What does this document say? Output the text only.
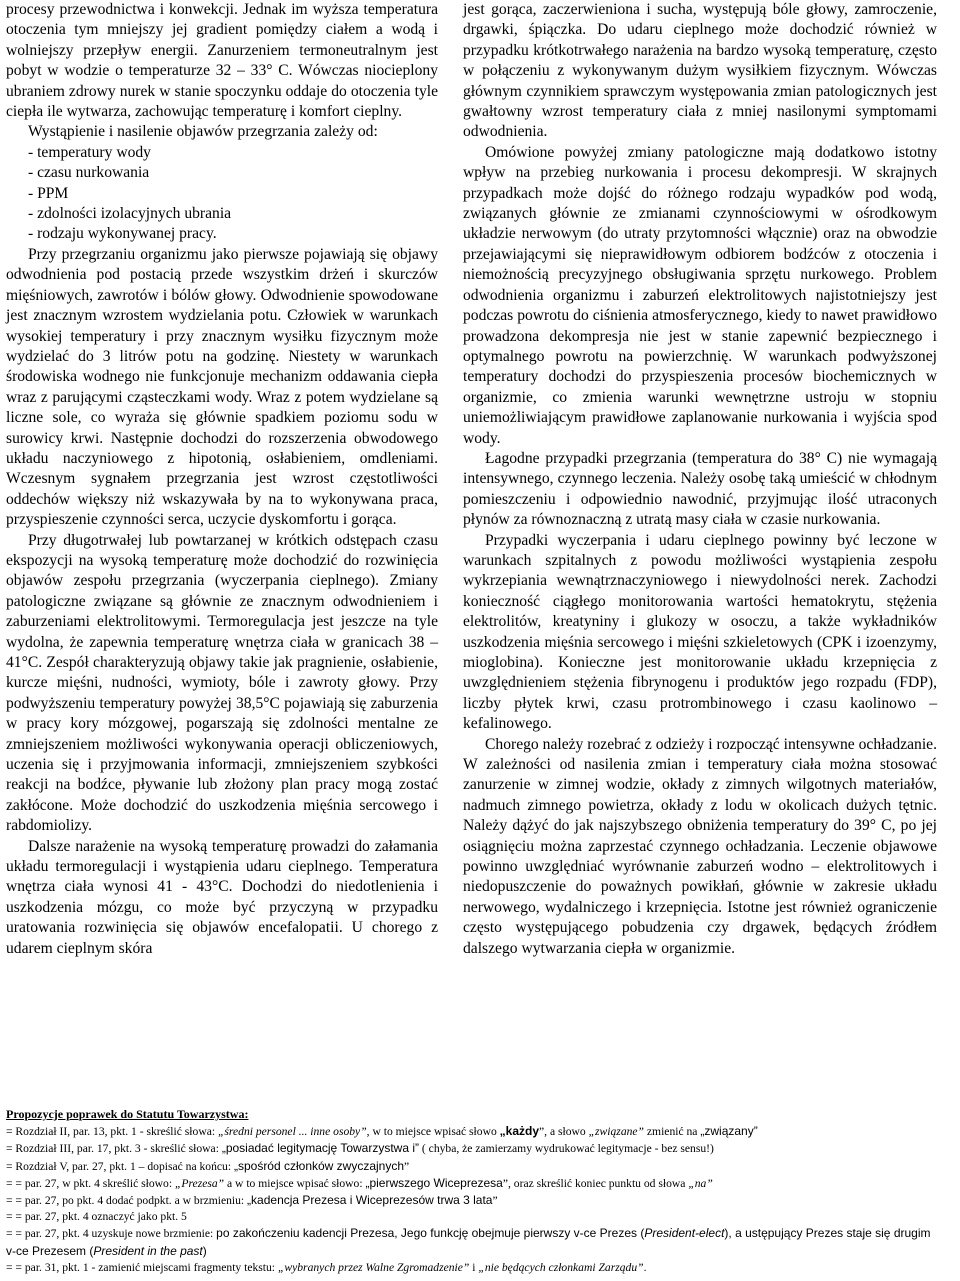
procesy przewodnictwa i konwekcji. Jednak im wyższa temperatura otoczenia tym mniejszy jej gradient pomiędzy ciałem a wodą i wolniejszy przepływ energii. Zanurzeniem termoneutralnym jest pobyt w wodzie o temperaturze 32 – 33° C. Wówczas niocieplony ubraniem zdrowy nurek w stanie spoczynku oddaje do otoczenia tyle ciepła ile wytwarza, zachowując temperaturę i komfort cieplny.

Wystąpienie i nasilenie objawów przegrzania zależy od:

- temperatury wody
- czasu nurkowania
- PPM
- zdolności izolacyjnych ubrania
- rodzaju wykonywanej pracy.

Przy przegrzaniu organizmu jako pierwsze pojawiają się objawy odwodnienia pod postacią przede wszystkim drżeń i skurczów mięśniowych, zawrotów i bólów głowy. Odwodnienie spowodowane jest znacznym wzrostem wydzielania potu. Człowiek w warunkach wysokiej temperatury i przy znacznym wysiłku fizycznym może wydzielać do 3 litrów potu na godzinę. Niestety w warunkach środowiska wodnego nie funkcjonuje mechanizm oddawania ciepła wraz z parującymi cząsteczkami wody. Wraz z potem wydzielane są liczne sole, co wyraża się głównie spadkiem poziomu sodu w surowicy krwi. Następnie dochodzi do rozszerzenia obwodowego układu naczyniowego z hipotonią, osłabieniem, omdleniami. Wczesnym sygnałem przegrzania jest wzrost częstotliwości oddechów większy niż wskazywała by na to wykonywana praca, przyspieszenie czynności serca, uczycie dyskomfortu i gorąca.

Przy długotrwałej lub powtarzanej w krótkich odstępach czasu ekspozycji na wysoką temperaturę może dochodzić do rozwinięcia objawów zespołu przegrzania (wyczerpania cieplnego). Zmiany patologiczne związane są głównie ze znacznym odwodnieniem i zaburzeniami elektrolitowymi. Termoregulacja jest jeszcze na tyle wydolna, że zapewnia temperaturę wnętrza ciała w granicach 38 – 41°C. Zespół charakteryzują objawy takie jak pragnienie, osłabienie, kurcze mięśni, nudności, wymioty, bóle i zawroty głowy. Przy podwyższeniu temperatury powyżej 38,5°C pojawiają się zaburzenia w pracy kory mózgowej, pogarszają się zdolności mentalne ze zmniejszeniem możliwości wykonywania operacji obliczeniowych, uczenia się i przyjmowania informacji, zmniejszeniem szybkości reakcji na bodźce, pływanie lub złożony plan pracy mogą zostać zakłócone. Może dochodzić do uszkodzenia mięśnia sercowego i rabdomiolizy.

Dalsze narażenie na wysoką temperaturę prowadzi do załamania układu termoregulacji i wystąpienia udaru cieplnego. Temperatura wnętrza ciała wynosi 41 - 43°C. Dochodzi do niedotlenienia i uszkodzenia mózgu, co może być przyczyną w przypadku uratowania rozwinięcia się objawów encefalopatii. U chorego z udarem cieplnym skóra

jest gorąca, zaczerwieniona i sucha, występują bóle głowy, zamroczenie, drgawki, śpiączka. Do udaru cieplnego może dochodzić również w przypadku krótkotrwałego narażenia na bardzo wysoką temperaturę, często w połączeniu z wykonywanym dużym wysiłkiem fizycznym. Wówczas głównym czynnikiem sprawczym występowania zmian patologicznych jest gwałtowny wzrost temperatury ciała z mniej nasilonymi symptomami odwodnienia.

Omówione powyżej zmiany patologiczne mają dodatkowo istotny wpływ na przebieg nurkowania i procesu dekompresji. W skrajnych przypadkach może dojść do różnego rodzaju wypadków pod wodą, związanych głównie ze zmianami czynnościowymi w ośrodkowym układzie nerwowym (do utraty przytomności włącznie) oraz na obwodzie przejawiającymi się nieprawidłowym odbiorem bodźców z otoczenia i niemożnością precyzyjnego obsługiwania sprzętu nurkowego. Problem odwodnienia organizmu i zaburzeń elektrolitowych najistotniejszy jest podczas powrotu do ciśnienia atmosferycznego, kiedy to nawet prawidłowo prowadzona dekompresja nie jest w stanie zapewnić bezpiecznego i optymalnego powrotu na powierzchnię. W warunkach podwyższonej temperatury dochodzi do przyspieszenia procesów biochemicznych w organizmie, co zmienia warunki wewnętrzne ustroju w stopniu uniemożliwiającym prawidłowe zaplanowanie nurkowania i wyjścia spod wody.

Łagodne przypadki przegrzania (temperatura do 38° C) nie wymagają intensywnego, czynnego leczenia. Należy osobę taką umieścić w chłodnym pomieszczeniu i odpowiednio nawodnić, przyjmując ilość utraconych płynów za równoznaczną z utratą masy ciała w czasie nurkowania.

Przypadki wyczerpania i udaru cieplnego powinny być leczone w warunkach szpitalnych z powodu możliwości wystąpienia zespołu wykrzepiania wewnątrznaczyniowego i niewydolności nerek. Zachodzi konieczność ciągłego monitorowania wartości hematokrytu, stężenia elektrolitów, kreatyniny i glukozy w osoczu, a także wykładników uszkodzenia mięśnia sercowego i mięśni szkieletowych (CPK i izoenzymy, mioglobina). Konieczne jest monitorowanie układu krzepnięcia z uwzględnieniem stężenia fibrynogenu i produktów jego rozpadu (FDP), liczby płytek krwi, czasu protrombinowego i czasu kaolinowo – kefalinowego.

Chorego należy rozebrać z odzieży i rozpocząć intensywne ochładzanie. W zależności od nasilenia zmian i temperatury ciała można stosować zanurzenie w zimnej wodzie, okłady z zimnych wilgotnych materiałów, nadmuch zimnego powietrza, okłady z lodu w okolicach dużych tętnic. Należy dążyć do jak najszybszego obniżenia temperatury do 39° C, po jej osiągnięciu można zaprzestać czynnego ochładzania. Leczenie objawowe powinno uwzględniać wyrównanie zaburzeń wodno – elektrolitowych i niedopuszczenie do poważnych powikłań, głównie w zakresie układu nerwowego, wydalniczego i krzepnięcia. Istotne jest również ograniczenie często występującego pobudzenia czy drgawek, będących źródłem dalszego wytwarzania ciepła w organizmie.

Propozycje poprawek do Statutu Towarzystwa:
= Rozdział II, par. 13, pkt. 1 - skreślić słowa: „średni personel ... inne osoby”, w to miejsce wpisać słowo „każdy”, a słowo „związane” zmienić na „związany”
= Rozdział III, par. 17, pkt. 3 - skreślić słowa: „posiadać legitymację Towarzystwa i” ( chyba, że zamierzamy wydrukować legitymacje - bez sensu!)
= Rozdział V, par. 27, pkt. 1 – dopisać na końcu: „spośród członków zwyczajnych”
= = par. 27, w pkt. 4 skreślić słowo: „Prezesa” a w to miejsce wpisać słowo: „pierwszego Wiceprezesa”, oraz skreślić koniec punktu od słowa „na”
= = par. 27, po pkt. 4 dodać podpkt. a w brzmieniu: „kadencja Prezesa i Wiceprezesów trwa 3 lata”
= = par. 27, pkt. 4 oznaczyć jako pkt. 5
= = par. 27, pkt. 4 uzyskuje nowe brzmienie: po zakończeniu kadencji Prezesa, Jego funkcję obejmuje pierwszy v-ce Prezes (President-elect), a ustępujący Prezes staje się drugim v-ce Prezesem (President in the past)
= = par. 31, pkt. 1 - zamienić miejscami fragmenty tekstu: „wybranych przez Walne Zgromadzenie” i „nie będących członkami Zarządu”.
